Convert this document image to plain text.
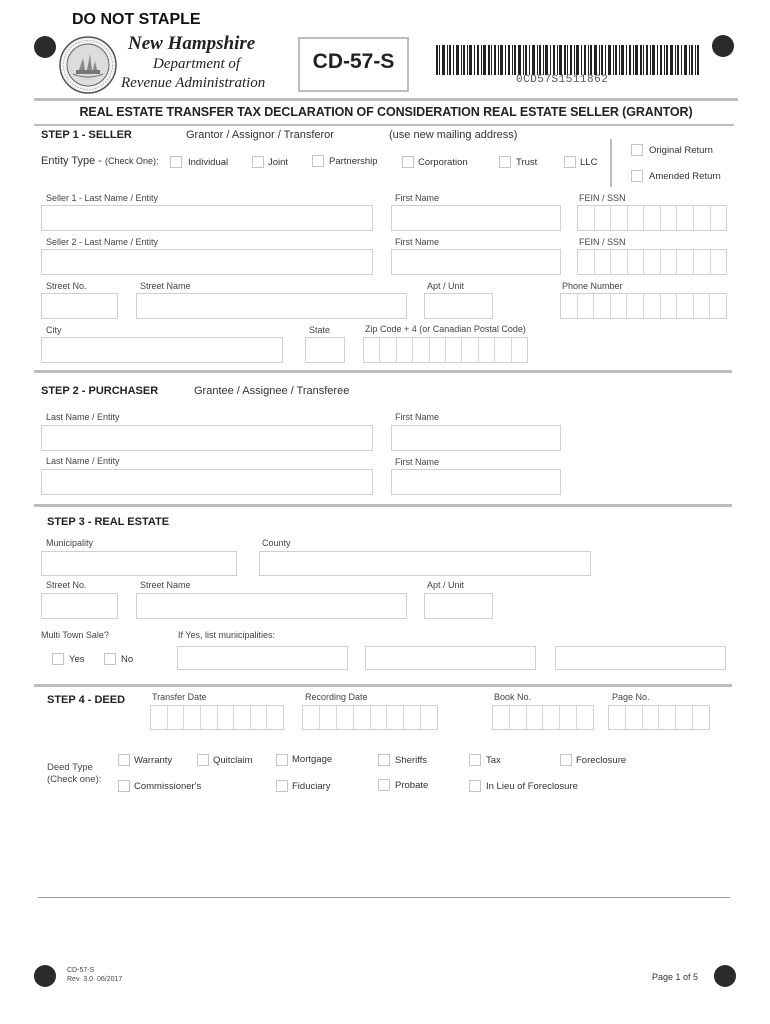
DO NOT STAPLE
New Hampshire
Department of
Revenue Administration
CD-57-S
0CD57S1511862
REAL ESTATE TRANSFER TAX DECLARATION OF CONSIDERATION REAL ESTATE SELLER (GRANTOR)
STEP 1 - SELLER	Grantor / Assignor / Transferor	(use new mailing address)
Entity Type - (Check One):	Individual	Joint	Partnership	Corporation	Trust	LLC
Original Return
Amended Return
Seller 1 - Last Name / Entity	First Name	FEIN / SSN
Seller 2 - Last Name / Entity	First Name	FEIN / SSN
Street No.	Street Name	Apt / Unit	Phone Number
City	State	Zip Code + 4 (or Canadian Postal Code)
STEP 2 - PURCHASER	Grantee / Assignee / Transferee
Last Name / Entity	First Name
Last Name / Entity	First Name
STEP 3 - REAL ESTATE
Municipality	County
Street No.	Street Name	Apt / Unit
Multi Town Sale?	If Yes, list municipalities:
Yes	No
STEP 4 - DEED	Transfer Date	Recording Date	Book No.	Page No.
Deed Type
(Check one):
Warranty	Quitclaim	Mortgage	Sheriffs	Tax	Foreclosure
Commissioner's	Fiduciary	Probate	In Lieu of Foreclosure
CD-57-S
Rev  3.0  06/2017	Page 1 of 5
